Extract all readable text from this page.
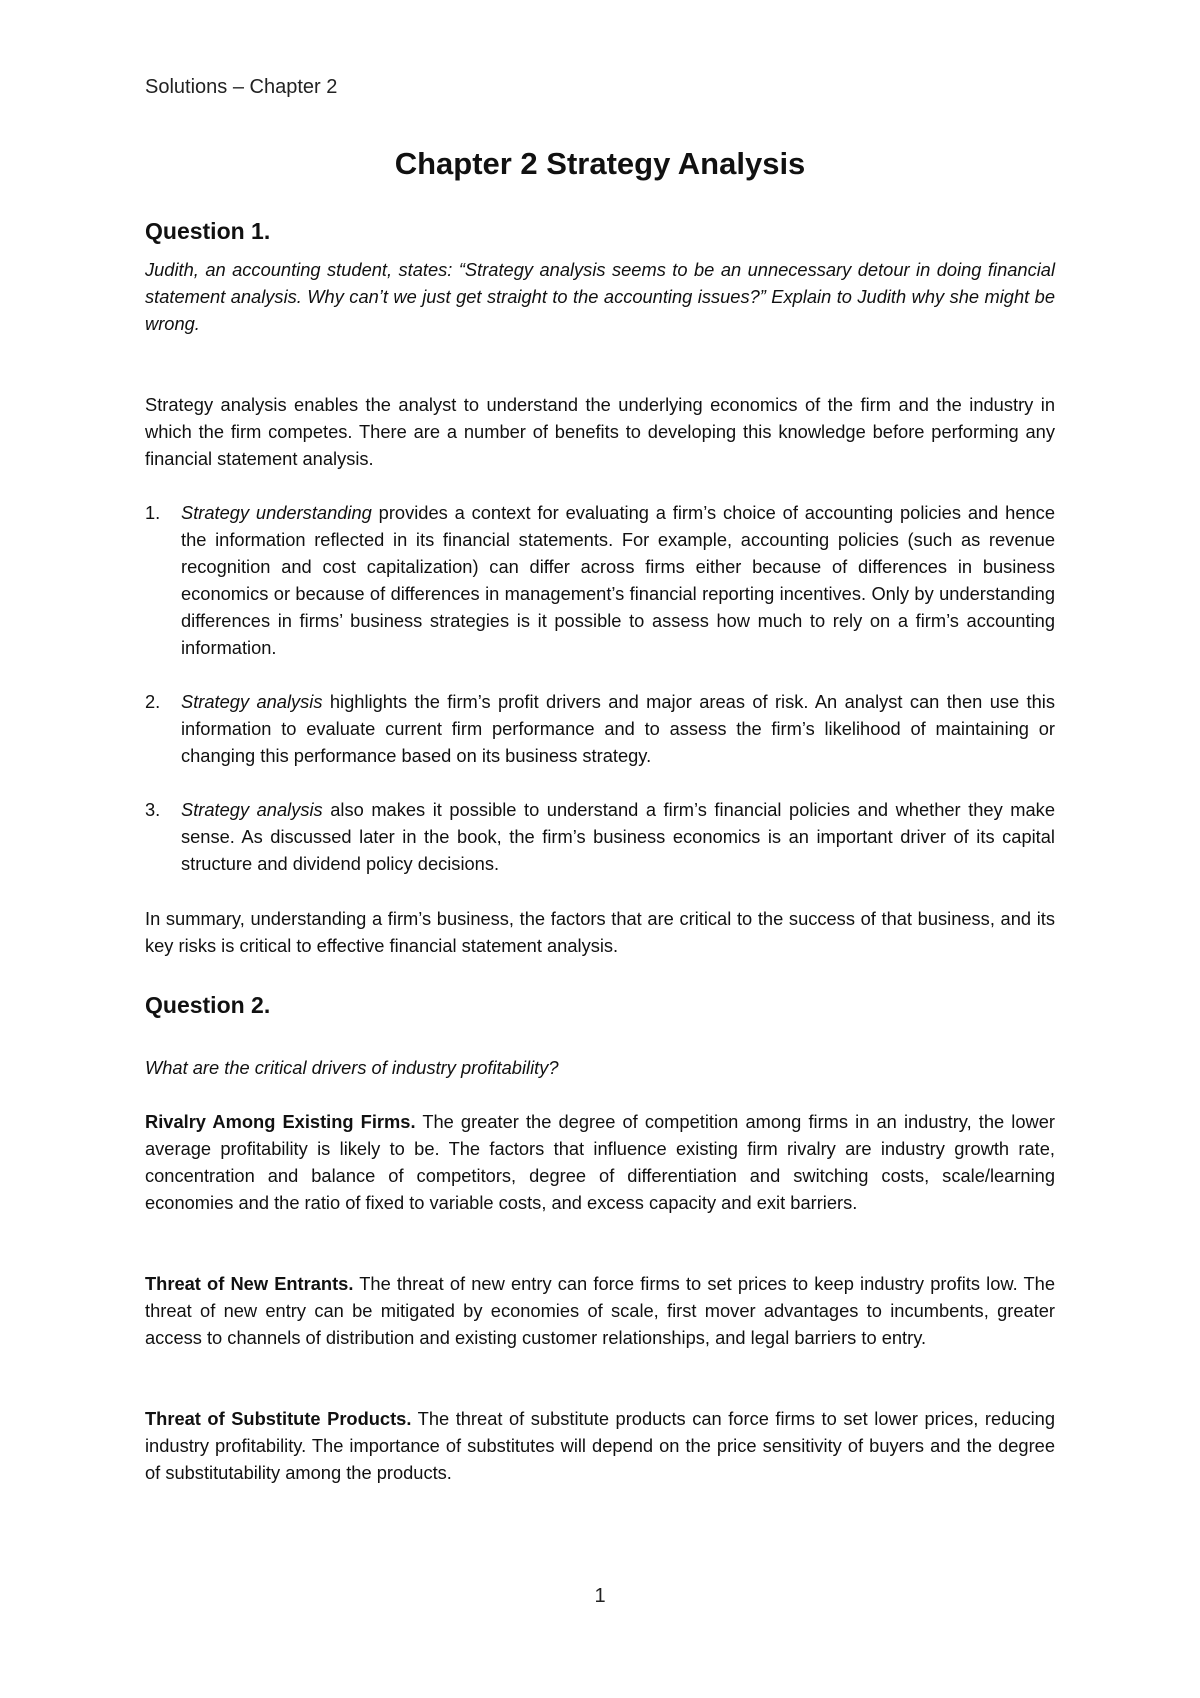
Solutions – Chapter 2
Chapter 2 Strategy Analysis
Question 1.

Judith, an accounting student, states: “Strategy analysis seems to be an unnecessary detour in doing financial statement analysis. Why can’t we just get straight to the accounting issues?” Explain to Judith why she might be wrong.

Strategy analysis enables the analyst to understand the underlying economics of the firm and the industry in which the firm competes. There are a number of benefits to developing this knowledge before performing any financial statement analysis.

1. Strategy understanding provides a context for evaluating a firm’s choice of accounting policies and hence the information reflected in its financial statements. For example, accounting policies (such as revenue recognition and cost capitalization) can differ across firms either because of differences in business economics or because of differences in management’s financial reporting incentives. Only by understanding differences in firms’ business strategies is it possible to assess how much to rely on a firm’s accounting information.
2. Strategy analysis highlights the firm’s profit drivers and major areas of risk. An analyst can then use this information to evaluate current firm performance and to assess the firm’s likelihood of maintaining or changing this performance based on its business strategy.
3. Strategy analysis also makes it possible to understand a firm’s financial policies and whether they make sense. As discussed later in the book, the firm’s business economics is an important driver of its capital structure and dividend policy decisions.

In summary, understanding a firm’s business, the factors that are critical to the success of that business, and its key risks is critical to effective financial statement analysis.

Question 2.

What are the critical drivers of industry profitability?

Rivalry Among Existing Firms. The greater the degree of competition among firms in an industry, the lower average profitability is likely to be. The factors that influence existing firm rivalry are industry growth rate, concentration and balance of competitors, degree of differentiation and switching costs, scale/learning economies and the ratio of fixed to variable costs, and excess capacity and exit barriers.

Threat of New Entrants. The threat of new entry can force firms to set prices to keep industry profits low. The threat of new entry can be mitigated by economies of scale, first mover advantages to incumbents, greater access to channels of distribution and existing customer relationships, and legal barriers to entry.

Threat of Substitute Products. The threat of substitute products can force firms to set lower prices, reducing industry profitability. The importance of substitutes will depend on the price sensitivity of buyers and the degree of substitutability among the products.

1
